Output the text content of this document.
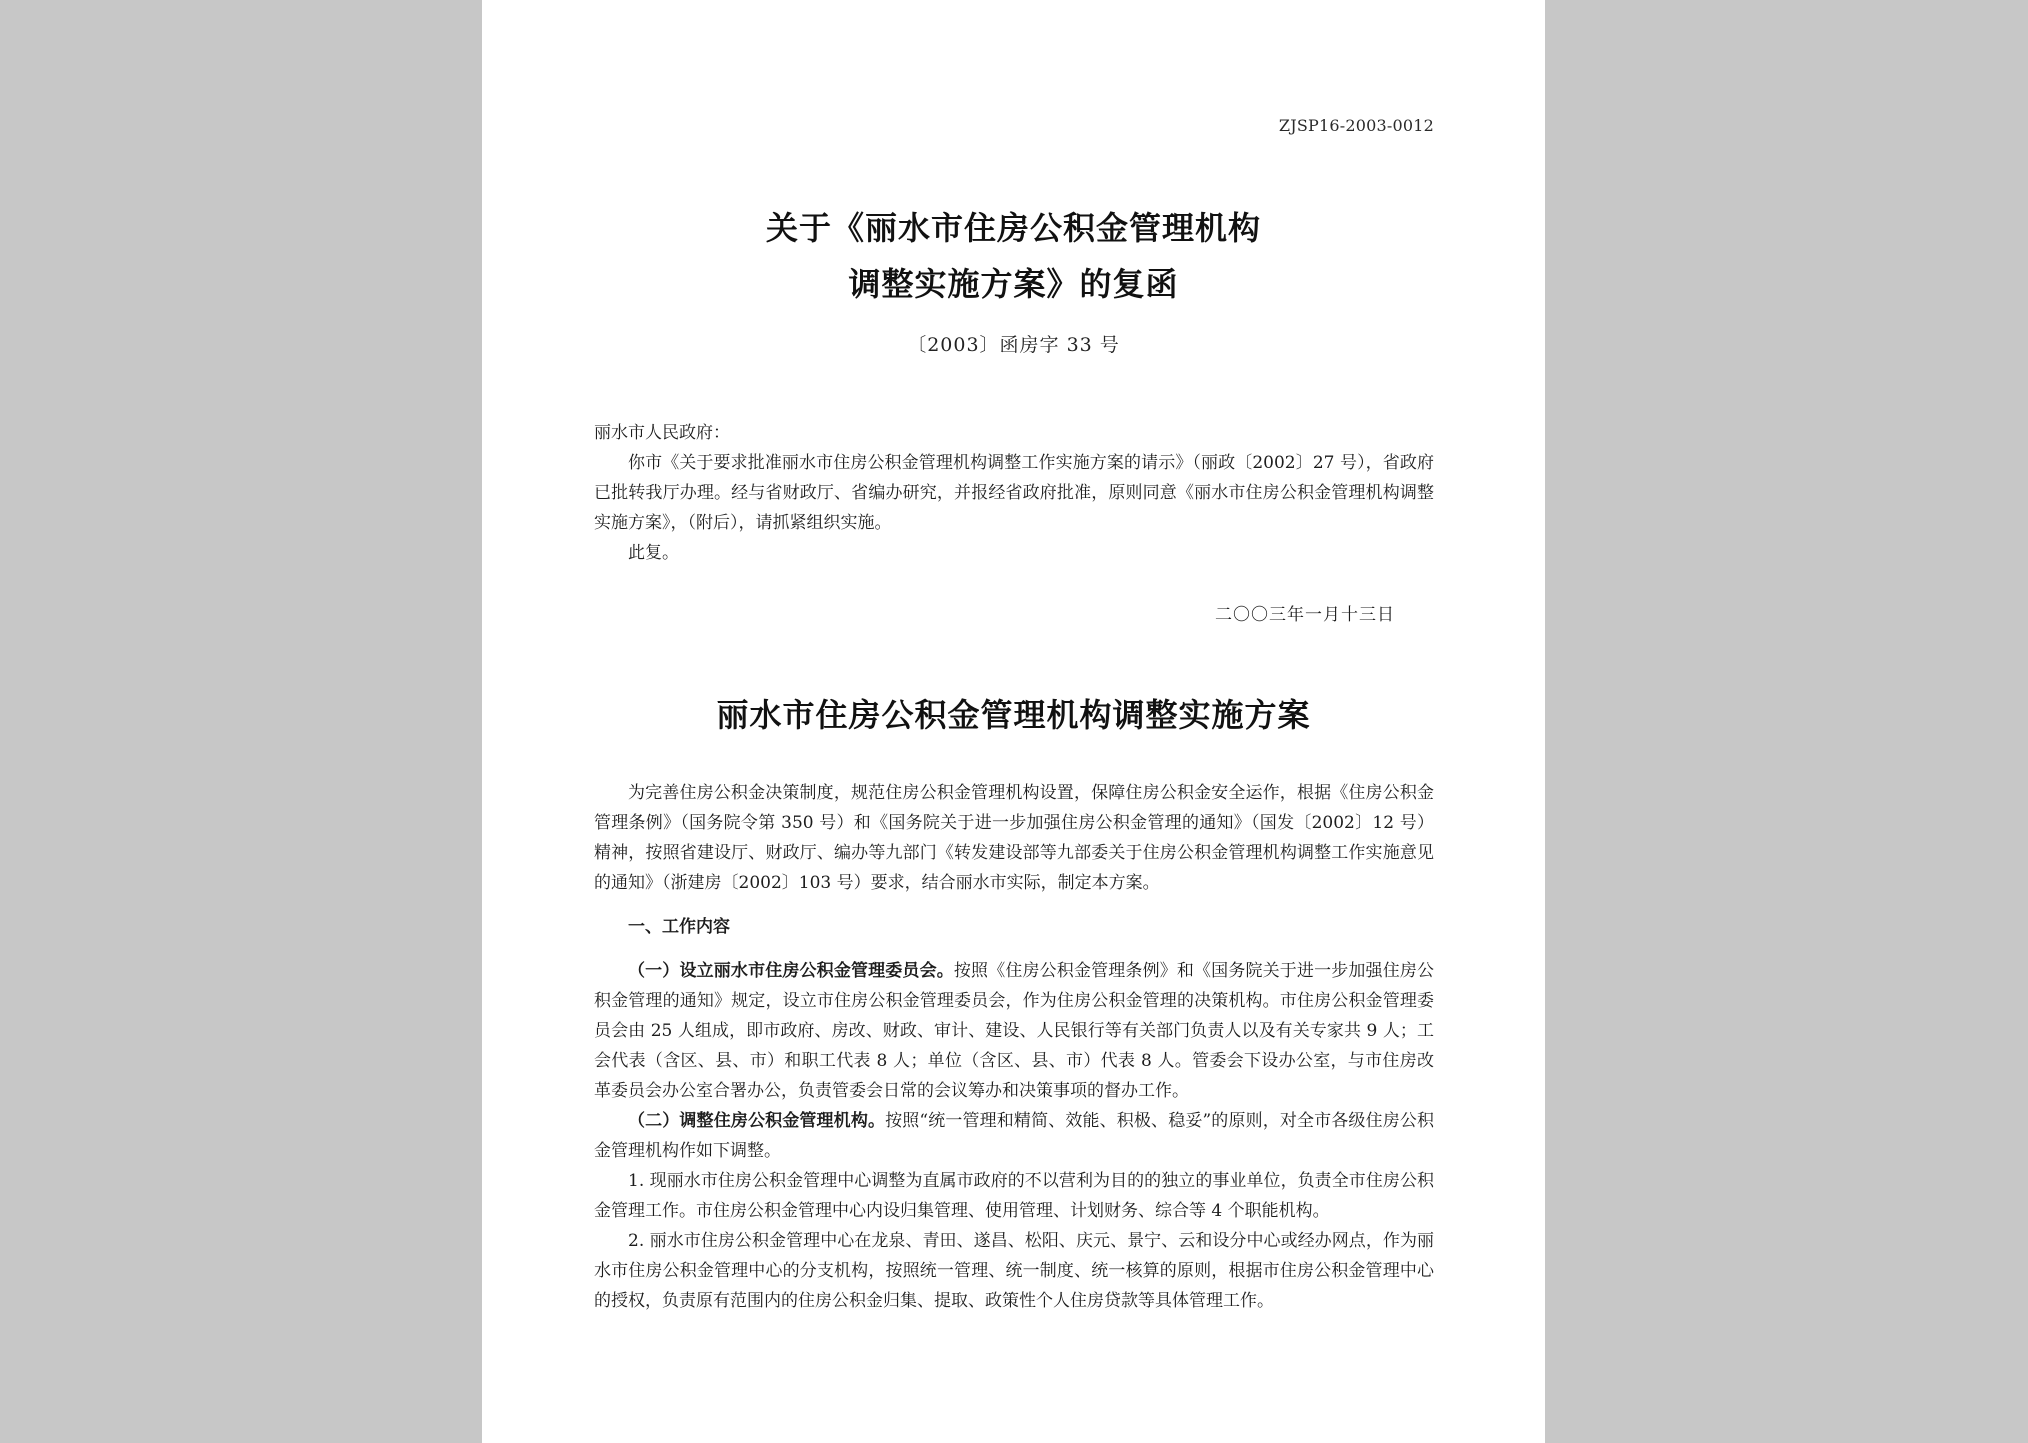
ZJSP16-2003-0012
关于《丽水市住房公积金管理机构
调整实施方案》的复函
〔2003〕函房字 33 号

丽水市人民政府：

你市《关于要求批准丽水市住房公积金管理机构调整工作实施方案的请示》（丽政〔2002〕27 号），省政府已批转我厅办理。经与省财政厅、省编办研究，并报经省政府批准，原则同意《丽水市住房公积金管理机构调整实施方案》，（附后），请抓紧组织实施。

此复。

二〇〇三年一月十三日
丽水市住房公积金管理机构调整实施方案

为完善住房公积金决策制度，规范住房公积金管理机构设置，保障住房公积金安全运作，根据《住房公积金管理条例》（国务院令第 350 号）和《国务院关于进一步加强住房公积金管理的通知》（国发〔2002〕12 号）精神，按照省建设厅、财政厅、编办等九部门《转发建设部等九部委关于住房公积金管理机构调整工作实施意见的通知》（浙建房〔2002〕103 号）要求，结合丽水市实际，制定本方案。

一、工作内容

（一）设立丽水市住房公积金管理委员会。按照《住房公积金管理条例》和《国务院关于进一步加强住房公积金管理的通知》规定，设立市住房公积金管理委员会，作为住房公积金管理的决策机构。市住房公积金管理委员会由 25 人组成，即市政府、房改、财政、审计、建设、人民银行等有关部门负责人以及有关专家共 9 人；工会代表（含区、县、市）和职工代表 8 人；单位（含区、县、市）代表 8 人。管委会下设办公室，与市住房改革委员会办公室合署办公，负责管委会日常的会议筹办和决策事项的督办工作。

（二）调整住房公积金管理机构。按照“统一管理和精简、效能、积极、稳妥”的原则，对全市各级住房公积金管理机构作如下调整。

1. 现丽水市住房公积金管理中心调整为直属市政府的不以营利为目的的独立的事业单位，负责全市住房公积金管理工作。市住房公积金管理中心内设归集管理、使用管理、计划财务、综合等 4 个职能机构。

2. 丽水市住房公积金管理中心在龙泉、青田、遂昌、松阳、庆元、景宁、云和设分中心或经办网点，作为丽水市住房公积金管理中心的分支机构，按照统一管理、统一制度、统一核算的原则，根据市住房公积金管理中心的授权，负责原有范围内的住房公积金归集、提取、政策性个人住房贷款等具体管理工作。
